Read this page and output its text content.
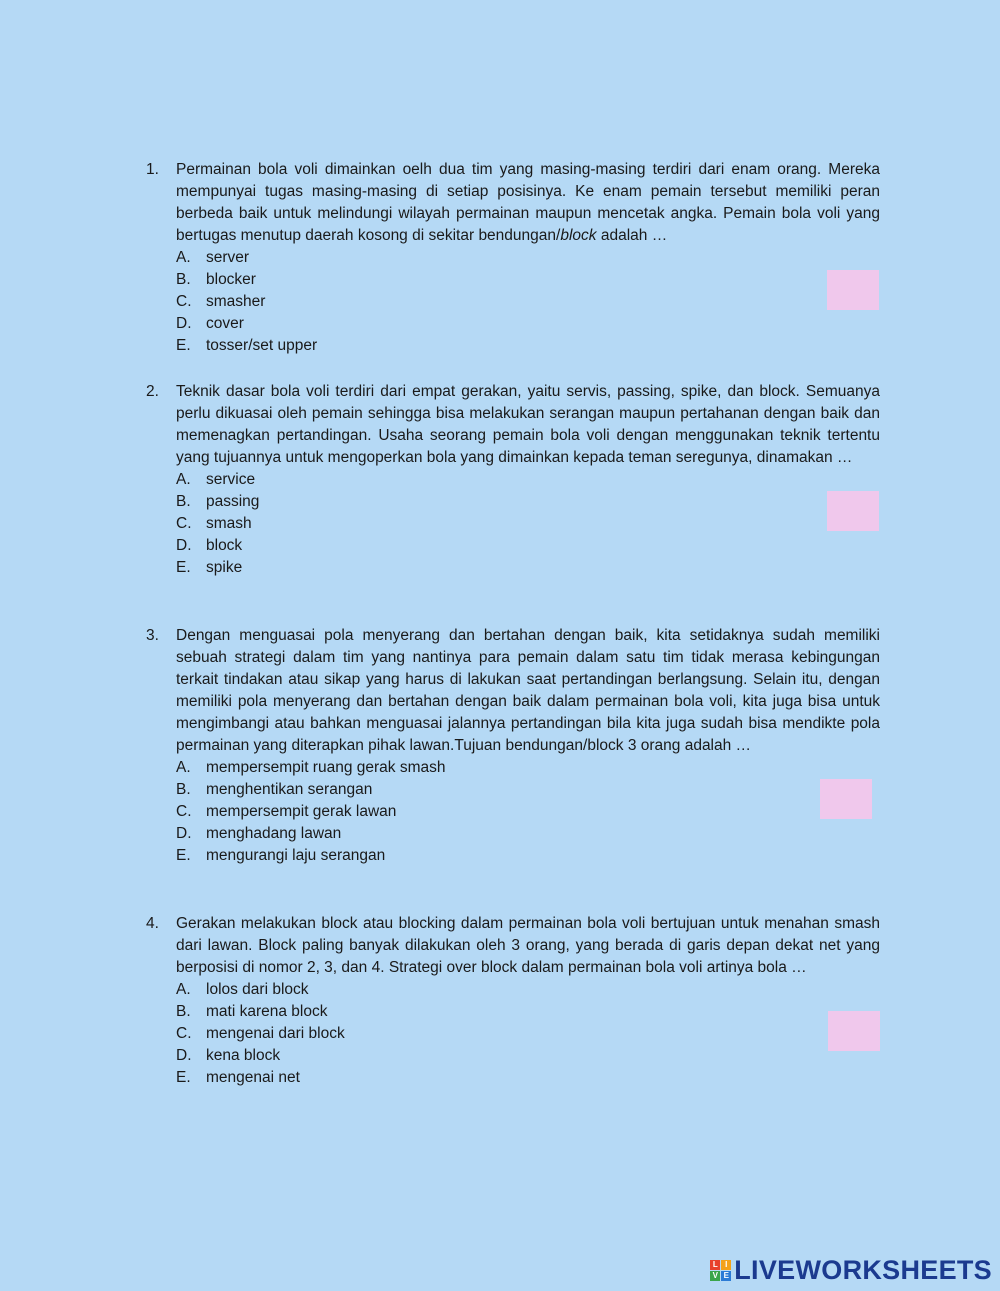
1.	Permainan bola voli dimainkan oelh dua tim yang masing-masing terdiri dari enam orang. Mereka mempunyai tugas masing-masing di setiap posisinya. Ke enam pemain tersebut memiliki peran berbeda baik untuk melindungi wilayah permainan maupun mencetak angka. Pemain bola voli yang bertugas menutup daerah kosong di sekitar bendungan/block adalah …
A. server
B. blocker
C. smasher
D. cover
E. tosser/set upper
2.	Teknik dasar bola voli terdiri dari empat gerakan, yaitu servis, passing, spike, dan block. Semuanya perlu dikuasai oleh pemain sehingga bisa melakukan serangan maupun pertahanan dengan baik dan memenagkan pertandingan. Usaha seorang pemain bola voli dengan menggunakan teknik tertentu yang tujuannya untuk mengoperkan bola yang dimainkan kepada teman seregunya, dinamakan …
A. service
B. passing
C. smash
D. block
E. spike
3.	Dengan menguasai pola menyerang dan bertahan dengan baik, kita setidaknya sudah memiliki sebuah strategi dalam tim yang nantinya para pemain dalam satu tim tidak merasa kebingungan terkait tindakan atau sikap yang harus di lakukan saat pertandingan berlangsung. Selain itu, dengan memiliki pola menyerang dan bertahan dengan baik dalam permainan bola voli, kita juga bisa untuk mengimbangi atau bahkan menguasai jalannya pertandingan bila kita juga sudah bisa mendikte pola permainan yang diterapkan pihak lawan.Tujuan bendungan/block 3 orang adalah …
A. mempersempit ruang gerak smash
B. menghentikan serangan
C. mempersempit gerak lawan
D. menghadang lawan
E. mengurangi laju serangan
4.	Gerakan melakukan block atau blocking dalam permainan bola voli bertujuan untuk menahan smash dari lawan. Block paling banyak dilakukan oleh 3 orang, yang berada di garis depan dekat net yang berposisi di nomor 2, 3, dan 4. Strategi over block dalam permainan bola voli artinya bola …
A. lolos dari block
B. mati karena block
C. mengenai dari block
D. kena block
E. mengenai net
L I
V E LIVEWORKSHEETS
